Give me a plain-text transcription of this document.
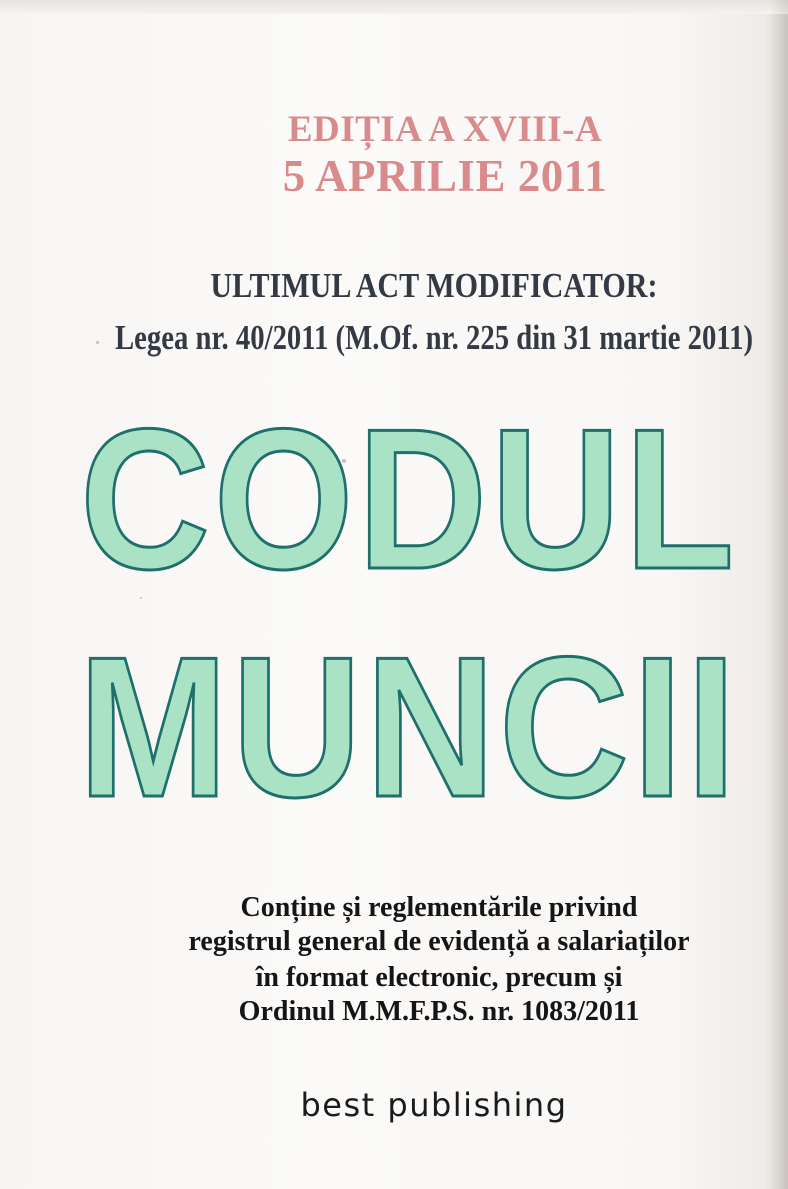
EDIȚIA A XVIII-A
5 APRILIE 2011
ULTIMUL ACT MODIFICATOR:
Legea nr. 40/2011 (M.Of. nr. 225 din 31 martie 2011)
CODUL
MUNCII

Conține și reglementările privind

registrul general de evidență a salariaților

în format electronic, precum și

Ordinul M.M.F.P.S. nr. 1083/2011

best publishing
